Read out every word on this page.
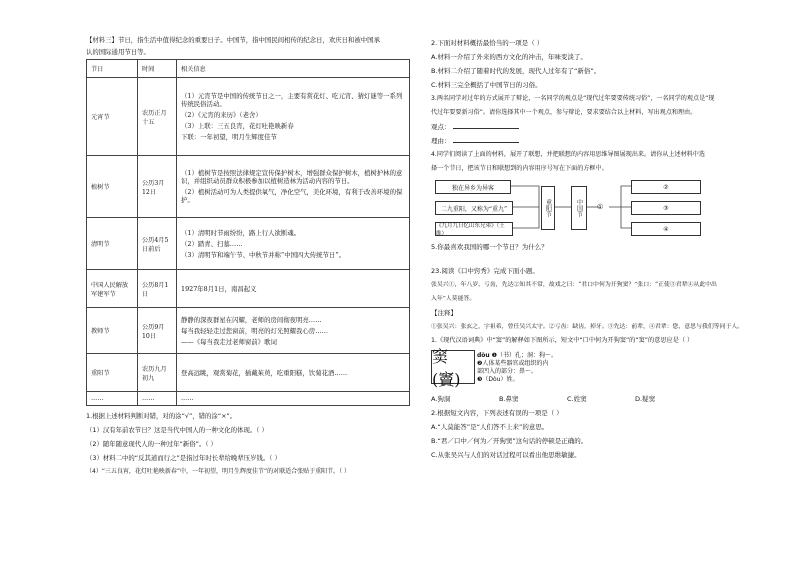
【材料三】节日，指生活中值得纪念的重要日子。中国节，指中国民间相传的纪念日，欢庆日和被中国承
认的国际通用节日等。
节日	时间	相关信息
元宵节	农历正月十五	（1）元宵节是中国的传统节日之一，主要有赏花灯、吃元宵、猜灯谜等一系列传统民俗活动。
（2）《元宵的来历》（老舍）
（3）上联：三五良宵，花灯吐艳映新春
下联：一年初望，明月生辉度佳节

植树节	公历3月12日	（1）植树节是按照法律规定宣传保护树木，增强群众保护树木，植树护林的意识，并组织动员群众积极参加以植树造林为活动内容的节日。
（2）植树活动可为人类提供氧气，净化空气，美化环境，有利于改善环境的保护。

清明节	公历4月5日前后	（1）清明时节雨纷纷，路上行人欲断魂。
（2）踏青、扫墓……
（3）清明节和端午节、中秋节并称“中国四大传统节日”。

中国人民解放军建军节	公历8月1日	1927年8月1日，南昌起义

教师节	公历9月10日	静静的深夜群星在闪耀，老师的房间彻夜明亮……
每当我轻轻走过您窗前，明亮的灯光照耀我心房……
——《每当我走过老师窗前》歌词

重阳节	农历九月初九	登高远眺，观赏菊花，插戴茱萸，吃重阳糕，饮菊花酒……

……	……	……
1.根据上述材料判断对错，对的涂“√”，错的涂“×”。
（1）汉有年前农节日？这是当代中国人的一种文化的体现。（ ）
（2）随年随意现代人的一种过年“新俗”。（ ）
（3）材料二中的“反其道而行之”是指过年时长辈给晚辈压岁钱。（ ）
（4）“三五良宵，花灯吐艳映新春”中，一年初望，明月生辉度佳节”的对联适合张贴于重阳节。（ ）
2.下面对材料概括最恰当的一项是（ ）
A.材料一介绍了外来的西方文化的冲击，年味变淡了。
B.材料二介绍了随着时代的发展，现代人过年有了“新俗”。
C.材料三完全概括了中国节日的习俗。
3.两名同学对过年的方式展开了辩论，一名同学的观点是“现代过年要要传统习俗”，一名同学的观点是“现
代过年要要新习俗”。请你选择其中一个观点，参与辩论，要求要结合以上材料，写出观点和理由。
观点：
理由：
4.同学们阅读了上面的材料，展开了联想，并把联想的内容用思维导图展现出来。请你从上述材料中选
择一个节日，把该节日和联想到的内容用序号写在下面的方框中。
独在异乡为异客
二九重阳，又称为“重九”
《九月九日忆山东兄弟》（王维）
重阳节	中国节	①
②
③
④
5.你最喜欢我国的哪一个节日？为什么？
23.阅读《口中窍秀》完成下面小题。
张吴兴①，年八岁，亏齿，先达②知其不常，故戏之曰：“君口中何为开狗窦？”张口：“正使③君辈④从此中出
入年”人莫能答。
【注释】
①张吴兴：张玄之，字祖希，曾任吴兴太守。②亏齿：缺齿，掉牙。③先达：前辈，④君辈：您，意思与我们等同于人。
1.《现代汉语词典》中“窦”的解释如下图所示，短文中“口中何为开狗窦”的“窦”的意思应是（ ）
窦(竇)
dòu ❶（书）孔；洞：狗～。
❷人体某些器官或组织的内
部凹入的部分：鼻～。
❸（Dòu）姓。
A.狗洞	B.鼻窦	C.姓窦	D.疑窦
2.根据短文内容，下列表述有误的一项是（ ）
A.“人莫能答”是“人们答不上来”的意思。
B.“君／口中／何为／开狗窦”这句话的停顿是正确的。
C.从张吴兴与人们的对话过程可以看出他思维敏捷。
